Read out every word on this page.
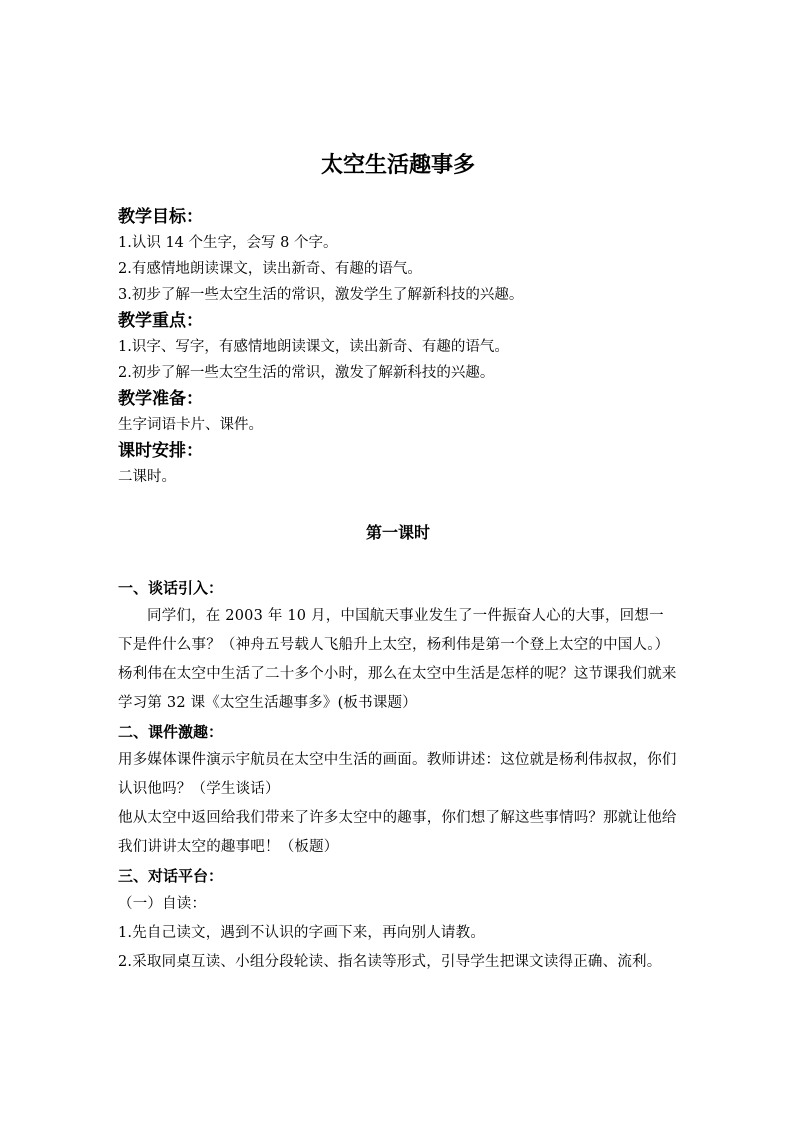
太空生活趣事多
教学目标：
1.认识 14 个生字，会写 8 个字。
2.有感情地朗读课文，读出新奇、有趣的语气。
3.初步了解一些太空生活的常识，激发学生了解新科技的兴趣。
教学重点：
1.识字、写字，有感情地朗读课文，读出新奇、有趣的语气。
2.初步了解一些太空生活的常识，激发了解新科技的兴趣。
教学准备：
生字词语卡片、课件。
课时安排：
二课时。
第一课时
一、谈话引入：

同学们，在 2003 年 10 月，中国航天事业发生了一件振奋人心的大事，回想一下是件什么事？（神舟五号载人飞船升上太空，杨利伟是第一个登上太空的中国人。）

杨利伟在太空中生活了二十多个小时，那么在太空中生活是怎样的呢？这节课我们就来学习第 32 课《太空生活趣事多》(板书课题）

二、课件激趣：

用多媒体课件演示宇航员在太空中生活的画面。教师讲述：这位就是杨利伟叔叔，你们认识他吗？（学生谈话）

他从太空中返回给我们带来了许多太空中的趣事，你们想了解这些事情吗？那就让他给我们讲讲太空的趣事吧！（板题）

三、对话平台：

（一）自读：

1.先自己读文，遇到不认识的字画下来，再向别人请教。

2.采取同桌互读、小组分段轮读、指名读等形式，引导学生把课文读得正确、流利。
